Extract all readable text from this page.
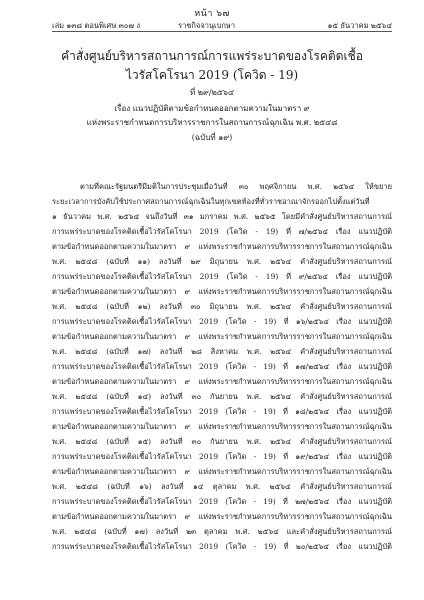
หน้า ๖๗
เล่ม ๑๓๘ ตอนพิเศษ ๓๐๗ ง	ราชกิจจานุเบกษา	๑๕ ธันวาคม ๒๕๖๔
คำสั่งศูนย์บริหารสถานการณ์การแพร่ระบาดของโรคติดเชื้อ
ไวรัสโคโรนา 2019 (โควิด - 19)
ที่ ๒๙/๒๕๖๔
เรื่อง แนวปฏิบัติตามข้อกำหนดออกตามความในมาตรา ๙
แห่งพระราชกำหนดการบริหารราชการในสถานการณ์ฉุกเฉิน พ.ศ. ๒๕๔๘
(ฉบับที่ ๑๙)
ตามที่คณะรัฐมนตรีมีมติในการประชุมเมื่อวันที่ ๓๐ พฤศจิกายน พ.ศ. ๒๕๖๔ ให้ขยาย
ระยะเวลาการบังคับใช้ประกาศสถานการณ์ฉุกเฉินในทุกเขตท้องที่ทั่วราชอาณาจักรออกไปตั้งแต่วันที่
๑ ธันวาคม พ.ศ. ๒๕๖๔ จนถึงวันที่ ๓๑ มกราคม พ.ศ. ๒๕๖๕ โดยมีคำสั่งศูนย์บริหารสถานการณ์
การแพร่ระบาดของโรคติดเชื้อไวรัสโคโรนา 2019 (โควิด - 19) ที่ ๗/๒๕๖๔ เรื่อง แนวปฏิบัติ
ตามข้อกำหนดออกตามความในมาตรา ๙ แห่งพระราชกำหนดการบริหารราชการในสถานการณ์ฉุกเฉิน
พ.ศ. ๒๕๔๘ (ฉบับที่ ๑๑) ลงวันที่ ๒๙ มิถุนายน พ.ศ. ๒๕๖๔ คำสั่งศูนย์บริหารสถานการณ์
การแพร่ระบาดของโรคติดเชื้อไวรัสโคโรนา 2019 (โควิด - 19) ที่ ๙/๒๕๖๔ เรื่อง แนวปฏิบัติ
ตามข้อกำหนดออกตามความในมาตรา ๙ แห่งพระราชกำหนดการบริหารราชการในสถานการณ์ฉุกเฉิน
พ.ศ. ๒๕๔๘ (ฉบับที่ ๑๒) ลงวันที่ ๓๐ มิถุนายน พ.ศ. ๒๕๖๔ คำสั่งศูนย์บริหารสถานการณ์
การแพร่ระบาดของโรคติดเชื้อไวรัสโคโรนา 2019 (โควิด - 19) ที่ ๑๖/๒๕๖๔ เรื่อง แนวปฏิบัติ
ตามข้อกำหนดออกตามความในมาตรา ๙ แห่งพระราชกำหนดการบริหารราชการในสถานการณ์ฉุกเฉิน
พ.ศ. ๒๕๔๘ (ฉบับที่ ๑๗) ลงวันที่ ๒๘ สิงหาคม พ.ศ. ๒๕๖๔ คำสั่งศูนย์บริหารสถานการณ์
การแพร่ระบาดของโรคติดเชื้อไวรัสโคโรนา 2019 (โควิด - 19) ที่ ๑๗/๒๕๖๔ เรื่อง แนวปฏิบัติ
ตามข้อกำหนดออกตามความในมาตรา ๙ แห่งพระราชกำหนดการบริหารราชการในสถานการณ์ฉุกเฉิน
พ.ศ. ๒๕๔๘ (ฉบับที่ ๑๔) ลงวันที่ ๓๐ กันยายน พ.ศ. ๒๕๖๔ คำสั่งศูนย์บริหารสถานการณ์
การแพร่ระบาดของโรคติดเชื้อไวรัสโคโรนา 2019 (โควิด - 19) ที่ ๑๘/๒๕๖๔ เรื่อง แนวปฏิบัติ
ตามข้อกำหนดออกตามความในมาตรา ๙ แห่งพระราชกำหนดการบริหารราชการในสถานการณ์ฉุกเฉิน
พ.ศ. ๒๕๔๘ (ฉบับที่ ๑๕) ลงวันที่ ๓๐ กันยายน พ.ศ. ๒๕๖๔ คำสั่งศูนย์บริหารสถานการณ์
การแพร่ระบาดของโรคติดเชื้อไวรัสโคโรนา 2019 (โควิด - 19) ที่ ๑๙/๒๕๖๔ เรื่อง แนวปฏิบัติ
ตามข้อกำหนดออกตามความในมาตรา ๙ แห่งพระราชกำหนดการบริหารราชการในสถานการณ์ฉุกเฉิน
พ.ศ. ๒๕๔๘ (ฉบับที่ ๑๖) ลงวันที่ ๑๔ ตุลาคม พ.ศ. ๒๕๖๔ คำสั่งศูนย์บริหารสถานการณ์
การแพร่ระบาดของโรคติดเชื้อไวรัสโคโรนา 2019 (โควิด - 19) ที่ ๒๗/๒๕๖๔ เรื่อง แนวปฏิบัติ
ตามข้อกำหนดออกตามความในมาตรา ๙ แห่งพระราชกำหนดการบริหารราชการในสถานการณ์ฉุกเฉิน
พ.ศ. ๒๕๔๘ (ฉบับที่ ๑๗) ลงวันที่ ๒๓ ตุลาคม พ.ศ. ๒๕๖๔ และคำสั่งศูนย์บริหารสถานการณ์
การแพร่ระบาดของโรคติดเชื้อไวรัสโคโรนา 2019 (โควิด - 19) ที่ ๒๐/๒๕๖๔ เรื่อง แนวปฏิบัติ
